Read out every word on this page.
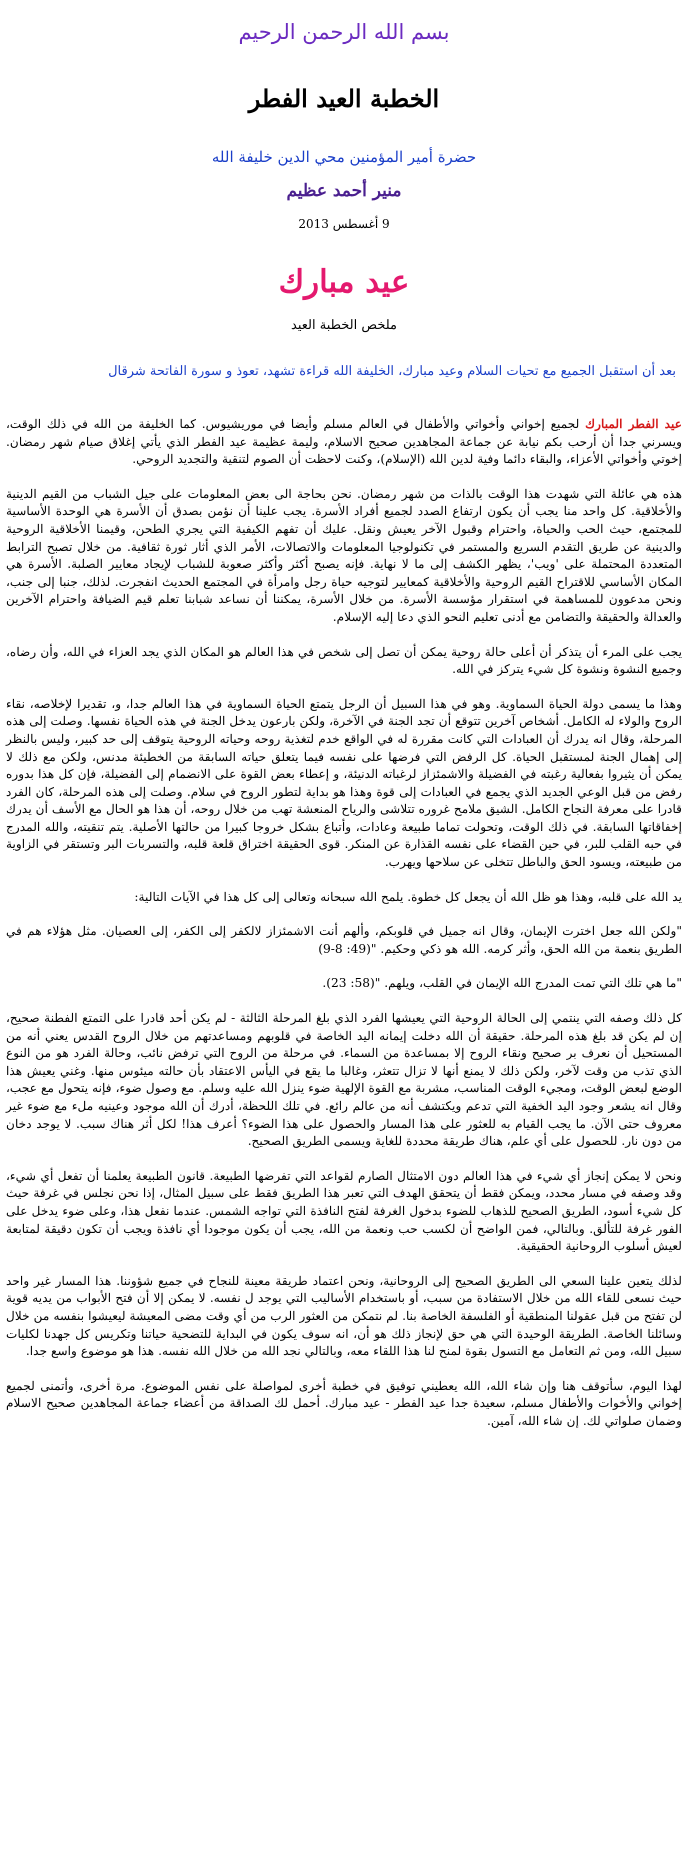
بسم الله الرحمن الرحيم
الخطبة العيد الفطر
حضرة أمير المؤمنين محي الدين خليفة الله
منير أحمد عظيم
9 أغسطس 2013
عيد مبارك
ملخص الخطبة العيد
بعد أن استقبل الجميع مع تحيات السلام وعيد مبارك، الخليفة الله قراءة تشهد، تعوذ و سورة الفاتحة شرقال

عيد الفطر المبارك لجميع إخواني وأخواتي والأطفال في العالم مسلم وأيضا في موريشيوس. كما الخليفة من الله في ذلك الوقت، ويسرني جدا أن أرحب بكم نيابة عن جماعة المجاهدين صحيح الاسلام، وليمة عظيمة عيد الفطر الذي يأتي إغلاق صيام شهر رمضان. إخوتي وأخواتي الأعزاء، والبقاء دائما وفية لدين الله (الإسلام)، وكنت لاحظت أن الصوم لتنقية والتجديد الروحي.

هذه هي عائلة التي شهدت هذا الوقت بالذات من شهر رمضان. نحن بحاجة الى بعض المعلومات على جيل الشباب من القيم الدينية والأخلاقية. كل واحد منا يجب أن يكون ارتفاع الصدد لجميع أفراد الأسرة. يجب علينا أن نؤمن بصدق أن الأسرة هي الوحدة الأساسية للمجتمع، حيث الحب والحياة، واحترام وقبول الآخر يعيش ونقل. عليك أن تفهم الكيفية التي يجري الطحن، وقيمنا الأخلاقية الروحية والدينية عن طريق التقدم السريع والمستمر في تكنولوجيا المعلومات والاتصالات، الأمر الذي أثار ثورة ثقافية. من خلال تصبح الترابط المتعددة المحتملة على 'ويب'، يظهر الكشف إلى ما لا نهاية. فإنه يصبح أكثر وأكثر صعوبة للشباب لإيجاد معايير الصلبة. الأسرة هي المكان الأساسي للاقتراح القيم الروحية والأخلاقية كمعايير لتوجيه حياة رجل وامرأة في المجتمع الحديث انفجرت. لذلك، جنبا إلى جنب، ونحن مدعوون للمساهمة في استقرار مؤسسة الأسرة. من خلال الأسرة، يمكننا أن نساعد شبابنا تعلم قيم الضيافة واحترام الآخرين والعدالة والحقيقة والتضامن مع أدنى تعليم النحو الذي دعا إليه الإسلام.

يجب على المرء أن يتذكر أن أعلى حالة روحية يمكن أن تصل إلى شخص في هذا العالم هو المكان الذي يجد العزاء في الله، وأن رضاه، وجميع النشوة ونشوة كل شيء يتركز في الله.

وهذا ما يسمى دولة الحياة السماوية. وهو في هذا السبيل أن الرجل يتمتع الحياة السماوية في هذا العالم جدا، و، تقديرا لإخلاصه، نقاء الروح والولاء له الكامل. أشخاص آخرين تتوقع أن تجد الجنة في الآخرة، ولكن بارعون يدخل الجنة في هذه الحياة نفسها. وصلت إلى هذه المرحلة، وقال انه يدرك أن العبادات التي كانت مقررة له في الواقع خدم لتغذية روحه وحياته الروحية يتوقف إلى حد كبير، وليس بالنظر إلى إهمال الجنة لمستقبل الحياة. كل الرفض التي فرضها على نفسه فيما يتعلق حياته السابقة من الخطيئة مدنس، ولكن مع ذلك لا يمكن أن يثيروا بفعالية رغبته في الفضيلة والاشمئزاز لرغباته الدنيئة، و إعطاء بعض القوة على الانضمام إلى الفضيلة، فإن كل هذا بدوره رفض من قبل الوعي الجديد الذي يجمع في العبادات إلى قوة وهذا هو بداية لتطور الروح في سلام. وصلت إلى هذه المرحلة، كان الفرد قادرا على معرفة النجاح الكامل. الشيق ملامح غروره تتلاشى والرياح المنعشة تهب من خلال روحه، أن هذا هو الحال مع الأسف أن يدرك إخفاقاتها السابقة. في ذلك الوقت، وتحولت تماما طبيعة وعادات، وأتباع بشكل خروجا كبيرا من حالتها الأصلية. يتم تنقيته، والله المدرج في حبه القلب للبر، في حين القضاء على نفسه القذارة عن المنكر. قوى الحقيقة اختراق قلعة قلبه، والتسربات البر وتستقر في الزاوية من طبيعته، ويسود الحق والباطل تتخلى عن سلاحها ويهرب.

يد الله على قلبه، وهذا هو ظل الله أن يجعل كل خطوة. يلمح الله سبحانه وتعالى إلى كل هذا في الآيات التالية:

"ولكن الله جعل اخترت الإيمان، وقال انه جميل في قلوبكم، وألهم أنت الاشمئزاز لالكفر إلى الكفر، إلى العصيان. مثل هؤلاء هم في الطريق بنعمة من الله الحق، وأثر كرمه. الله هو ذكي وحكيم. "(49: 8-9)

"ما هي تلك التي تمت المدرج الله الإيمان في القلب، ويلهم. "(58: 23).

كل ذلك وصفه التي ينتمي إلى الحالة الروحية التي يعيشها الفرد الذي بلغ المرحلة الثالثة - لم يكن أحد قادرا على التمتع الفطنة صحيح، إن لم يكن قد بلغ هذه المرحلة. حقيقة أن الله دخلت إيمانه اليد الخاصة في قلوبهم ومساعدتهم من خلال الروح القدس يعني أنه من المستحيل أن نعرف بر صحيح ونقاء الروح إلا بمساعدة من السماء. في مرحلة من الروح التي ترفض نائب، وحالة الفرد هو من النوع الذي تذب من وقت لآخر، ولكن ذلك لا يمنع أنها لا تزال تتعثر، وغالبا ما يقع في اليأس الاعتقاد بأن حالته ميئوس منها. وغني يعيش هذا الوضع لبعض الوقت، ومجيء الوقت المناسب، مشربة مع القوة الإلهية ضوء ينزل الله عليه وسلم. مع وصول ضوء، فإنه يتحول مع عجب، وقال انه يشعر وجود اليد الخفية التي تدعم ويكتشف أنه من عالم رائع. في تلك اللحظة، أدرك أن الله موجود وعينيه ملء مع ضوء غير معروف حتى الآن. ما يجب القيام به للعثور على هذا المسار والحصول على هذا الضوء؟ أعرف هذا! لكل أثر هناك سبب. لا يوجد دخان من دون نار. للحصول على أي علم، هناك طريقة محددة للغاية ويسمى الطريق الصحيح.

ونحن لا يمكن إنجاز أي شيء في هذا العالم دون الامتثال الصارم لقواعد التي تفرضها الطبيعة. قانون الطبيعة يعلمنا أن تفعل أي شيء، وقد وصفه في مسار محدد، ويمكن فقط أن يتحقق الهدف التي تعبر هذا الطريق فقط على سبيل المثال، إذا نحن نجلس في غرفة حيث كل شيء أسود، الطريق الصحيح للذهاب للضوء بدخول الغرفة لفتح النافذة التي تواجه الشمس. عندما نفعل هذا، وعلى ضوء يدخل على الفور غرفة للتألق. وبالتالي، فمن الواضح أن لكسب حب ونعمة من الله، يجب أن يكون موجودا أي نافذة ويجب أن تكون دقيقة لمتابعة لعيش أسلوب الروحانية الحقيقية.

لذلك يتعين علينا السعي الى الطريق الصحيح إلى الروحانية، ونحن اعتماد طريقة معينة للنجاح في جميع شؤوننا. هذا المسار غير واحد حيث نسعى للقاء الله من خلال الاستفادة من سبب، أو باستخدام الأساليب التي يوجد ل نفسه. لا يمكن إلا أن فتح الأبواب من يديه قوية لن تفتح من قبل عقولنا المنطقية أو الفلسفة الخاصة بنا. لم نتمكن من العثور الرب من أي وقت مضى المعيشة ليعيشوا بنفسه من خلال وسائلنا الخاصة. الطريقة الوحيدة التي هي حق لإنجاز ذلك هو أن، انه سوف يكون في البداية للتضحية حياتنا وتكريس كل جهدنا لكليات سبيل الله، ومن ثم التعامل مع التسول بقوة لمنح لنا هذا اللقاء معه، وبالتالي نجد الله من خلال الله نفسه. هذا هو موضوع واسع جدا.

لهذا اليوم، سأتوقف هنا وإن شاء الله، الله يعطيني توفيق في خطبة أخرى لمواصلة على نفس الموضوع. مرة أخرى، وأتمنى لجميع إخواني والأخوات والأطفال مسلم، سعيدة جدا عيد الفطر - عيد مبارك. أحمل لك الصداقة من أعضاء جماعة المجاهدين صحيح الاسلام وضمان صلواتي لك. إن شاء الله، آمين.
